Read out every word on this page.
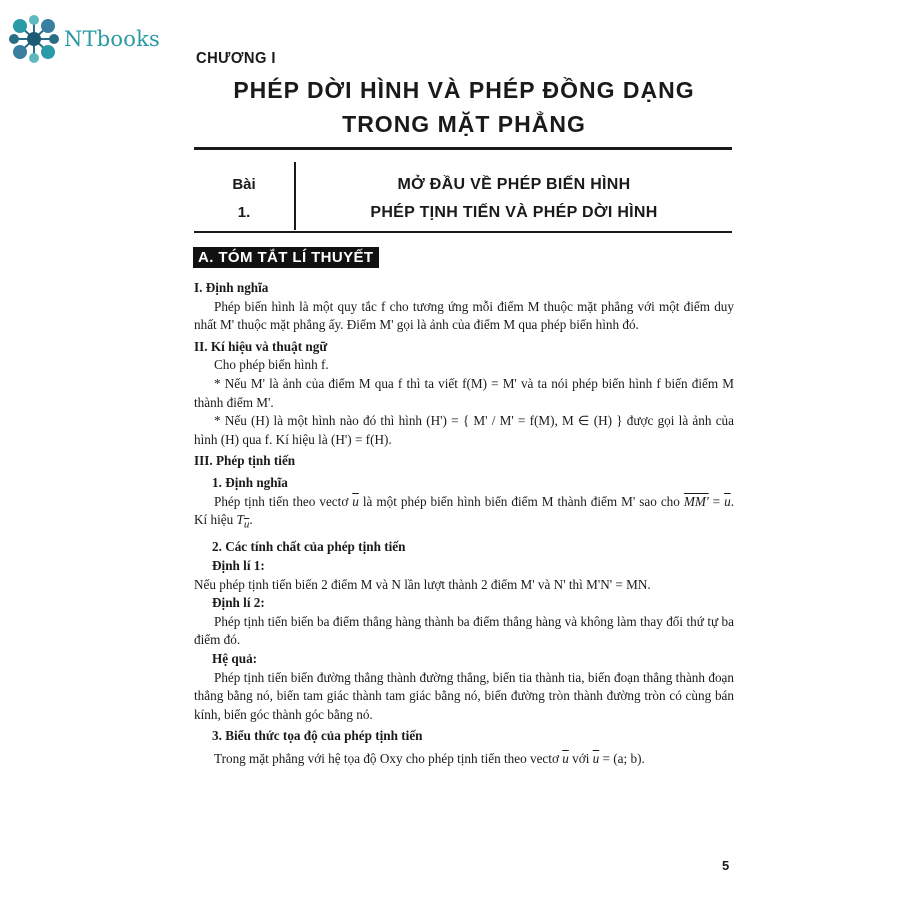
NTbooks
CHƯƠNG I
PHÉP DỜI HÌNH VÀ PHÉP ĐỒNG DẠNG
TRONG MẶT PHẲNG
Bài
1.
MỞ ĐẦU VỀ PHÉP BIẾN HÌNH
PHÉP TỊNH TIẾN VÀ PHÉP DỜI HÌNH
A. TÓM TẮT LÍ THUYẾT

I. Định nghĩa

Phép biến hình là một quy tắc f cho tương ứng mỗi điểm M thuộc mặt phẳng với một điểm duy nhất M' thuộc mặt phẳng ấy. Điểm M' gọi là ảnh của điểm M qua phép biến hình đó.

II. Kí hiệu và thuật ngữ

Cho phép biến hình f.

* Nếu M' là ảnh của điểm M qua f thì ta viết f(M) = M' và ta nói phép biến hình f biến điểm M thành điểm M'.

* Nếu (H) là một hình nào đó thì hình (H') = { M' / M' = f(M), M ∈ (H) } được gọi là ảnh của hình (H) qua f. Kí hiệu là (H') = f(H).

III. Phép tịnh tiến

1. Định nghĩa

Phép tịnh tiến theo vectơ $\overline{u}$ là một phép biến hình biến điểm M thành điểm M' sao cho $MM' = \overline{u}$. Kí hiệu $T_{\overline{u}}$.

2. Các tính chất của phép tịnh tiến

Định lí 1:

Nếu phép tịnh tiến biến 2 điểm M và N lần lượt thành 2 điểm M' và N' thì M'N' = MN.

Định lí 2:

Phép tịnh tiến biến ba điểm thẳng hàng thành ba điểm thẳng hàng và không làm thay đổi thứ tự ba điểm đó.

Hệ quả:

Phép tịnh tiến biến đường thẳng thành đường thẳng, biến tia thành tia, biến đoạn thẳng thành đoạn thẳng bằng nó, biến tam giác thành tam giác bằng nó, biến đường tròn thành đường tròn có cùng bán kính, biến góc thành góc bằng nó.

3. Biểu thức tọa độ của phép tịnh tiến

Trong mặt phẳng với hệ tọa độ Oxy cho phép tịnh tiến theo vectơ $\overline{u}$ với $\overline{u} = (a$; b).

5
